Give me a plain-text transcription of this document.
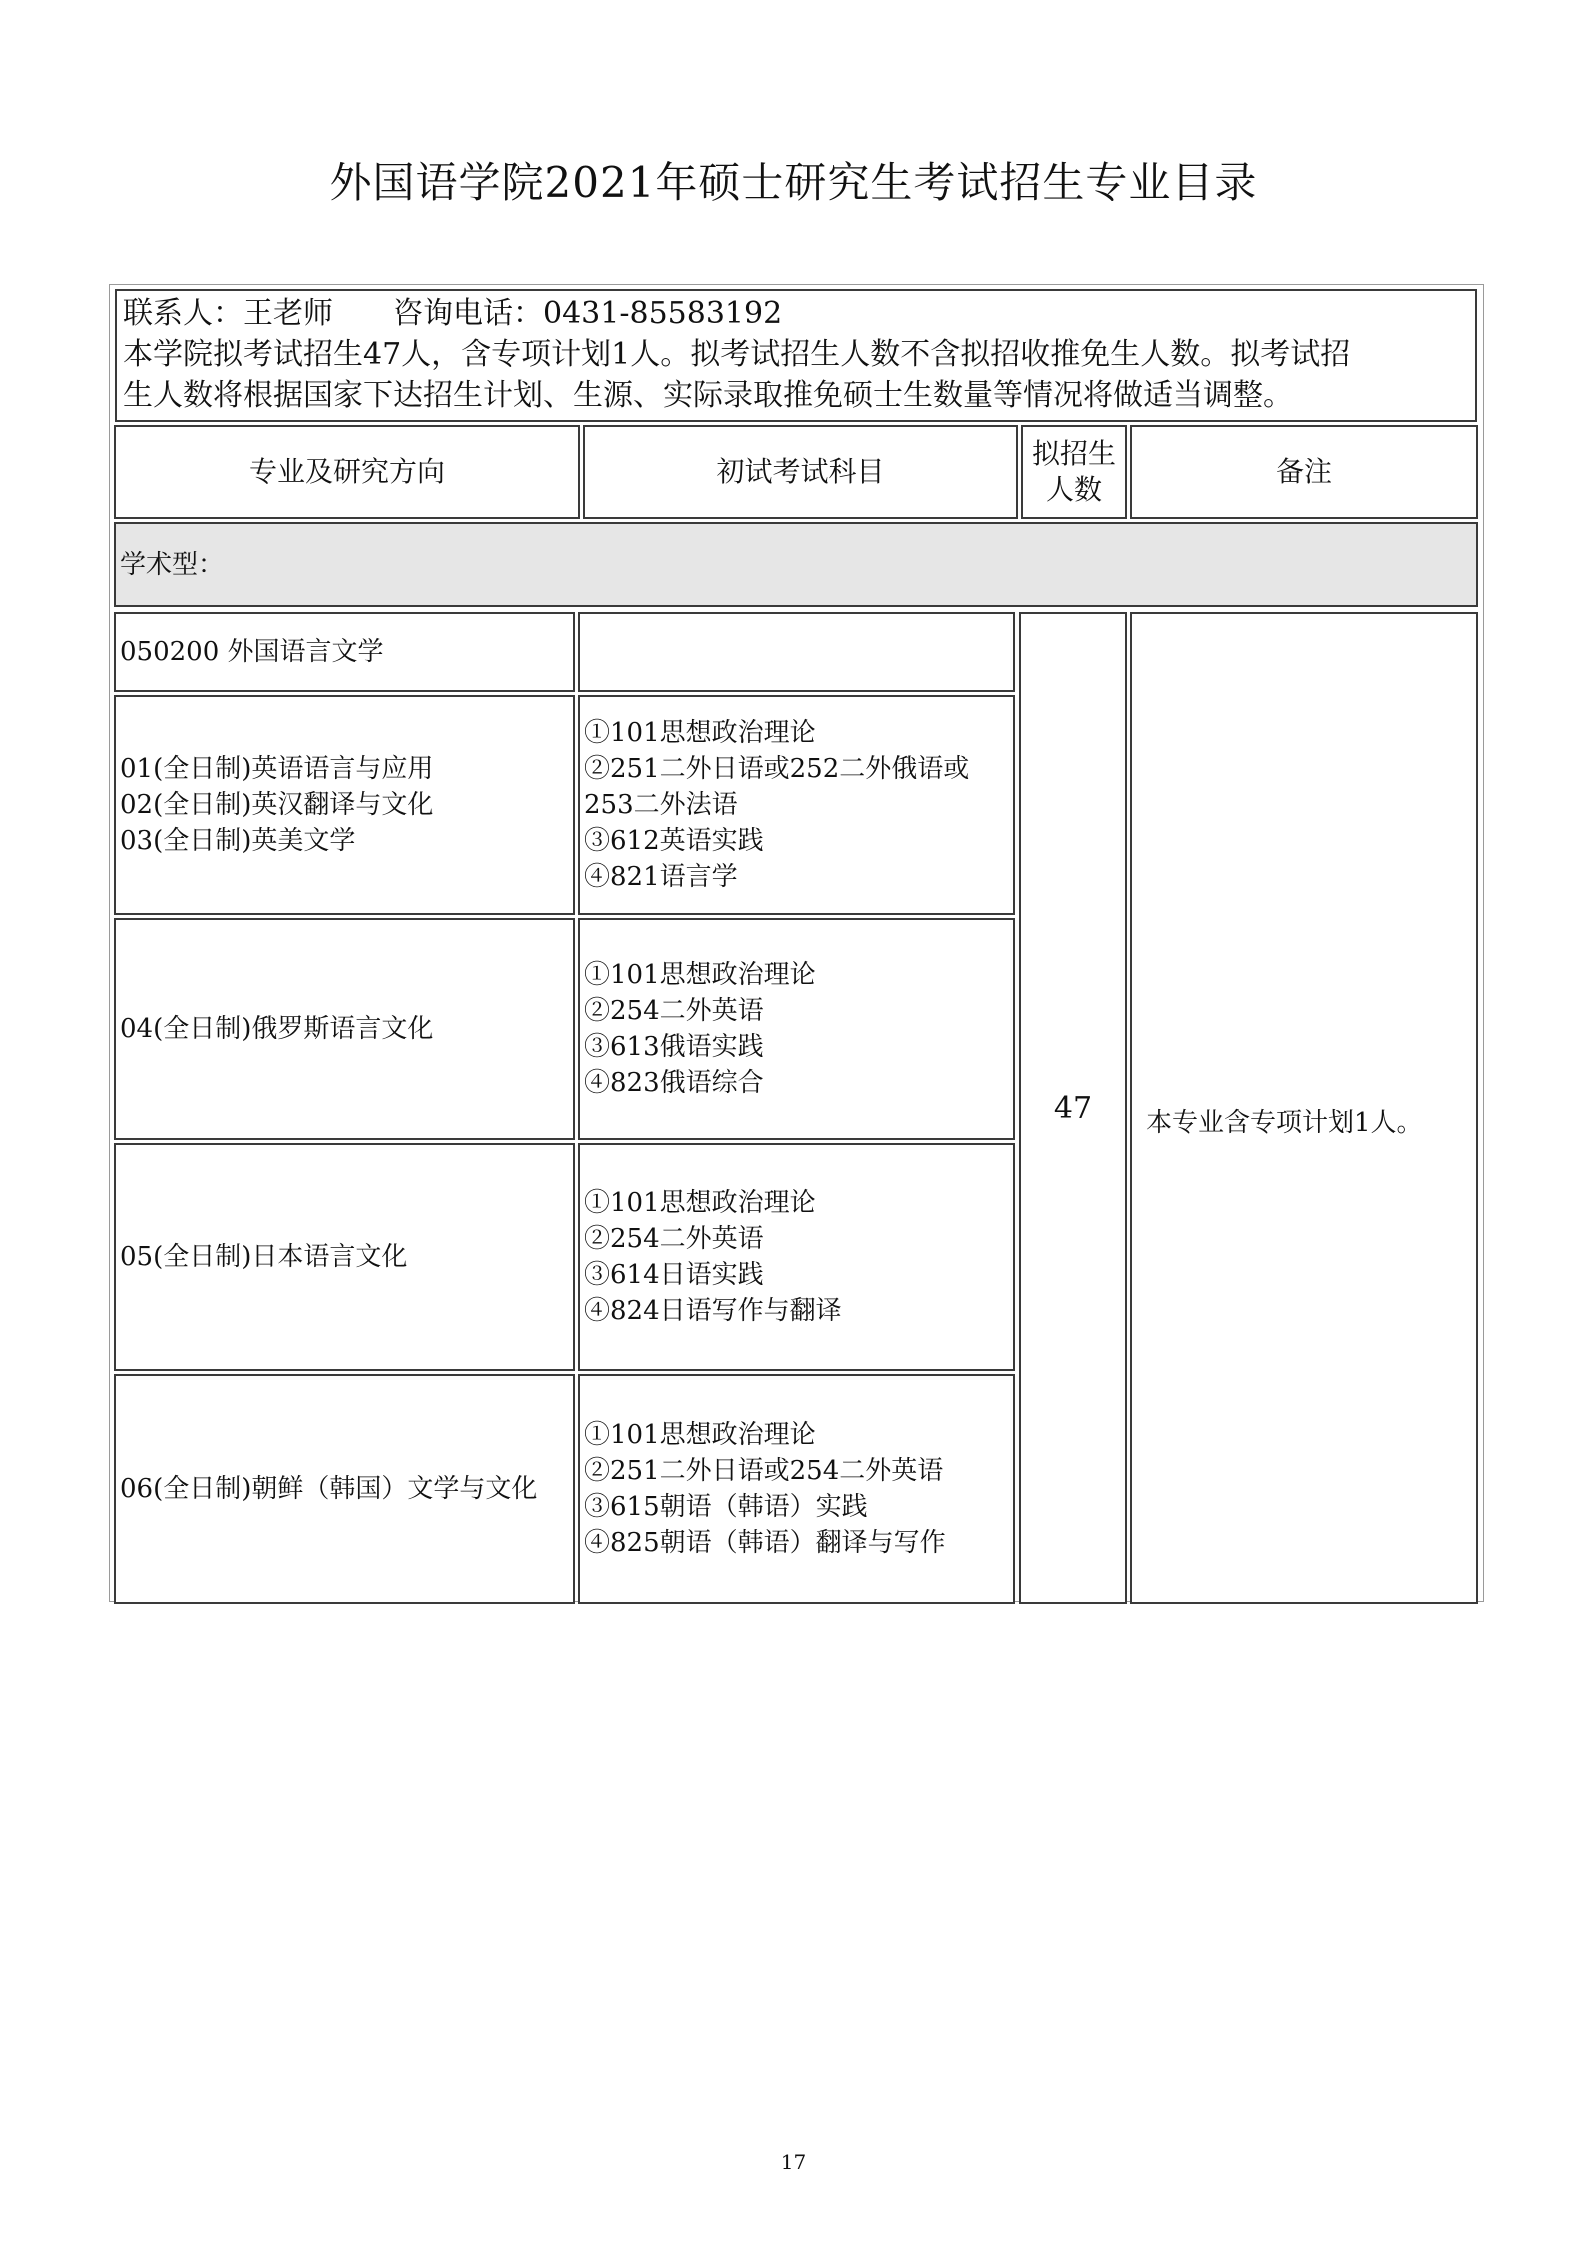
外国语学院2021年硕士研究生考试招生专业目录
联系人：王老师　　咨询电话：0431-85583192
本学院拟考试招生47人，含专项计划1人。拟考试招生人数不含拟招收推免生人数。拟考试招
生人数将根据国家下达招生计划、生源、实际录取推免硕士生数量等情况将做适当调整。
专业及研究方向	初试考试科目
拟招生
人数
备注
学术型：
050200 外国语言文学
47 本专业含专项计划1人。
01(全日制)英语语言与应用
02(全日制)英汉翻译与文化
03(全日制)英美文学
①101思想政治理论
②251二外日语或252二外俄语或
253二外法语
③612英语实践
④821语言学
04(全日制)俄罗斯语言文化
①101思想政治理论
②254二外英语
③613俄语实践
④823俄语综合
05(全日制)日本语言文化
①101思想政治理论
②254二外英语
③614日语实践
④824日语写作与翻译
06(全日制)朝鲜（韩国）文学与文化
①101思想政治理论
②251二外日语或254二外英语
③615朝语（韩语）实践
④825朝语（韩语）翻译与写作
17
